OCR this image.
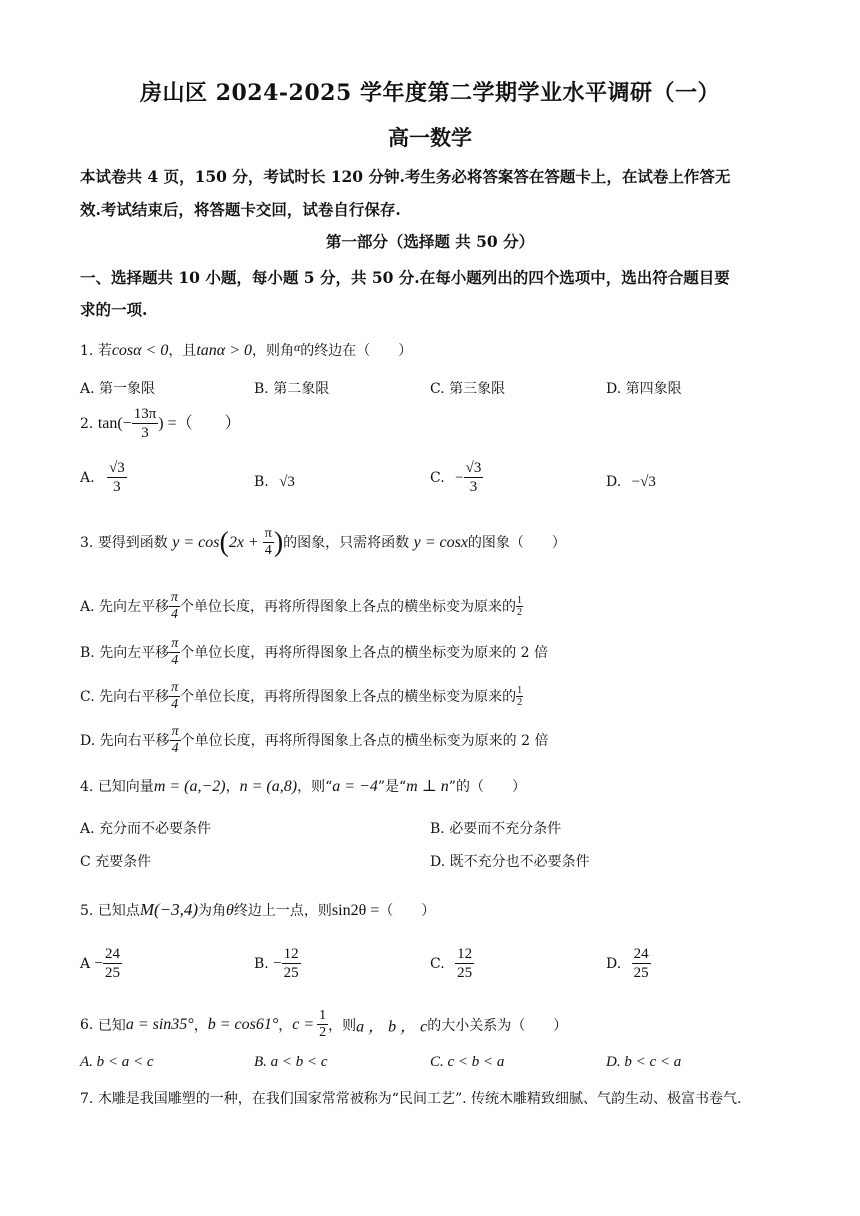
房山区 2024-2025 学年度第二学期学业水平调研（一）
高一数学
本试卷共 4 页，150 分，考试时长 120 分钟.考生务必将答案答在答题卡上，在试卷上作答无
效.考试结束后，将答题卡交回，试卷自行保存.
第一部分（选择题 共 50 分）
一、选择题共 10 小题，每小题 5 分，共 50 分.在每小题列出的四个选项中，选出符合题目要
求的一项.
1. 若cosα < 0，且tanα > 0，则角α的终边在（　　）
A. 第一象限	B. 第二象限	C. 第三象限	D. 第四象限
2. $\tan(- \frac{13\pi}{3}$ ) =（　　）
A. $\frac{√3}{3}$	B. √3	C. − $\frac{√3}{3}$	D. −√3
3. 要得到函数 $y = \cos(2x + \frac{\pi}{4}$ )的图象，只需将函数 y = cosx的图象（　　）
A. 先向左平移 $\frac{\pi}{4}$ 个单位长度，再将所得图象上各点的横坐标变为原来的 $\frac{1}{2}$
B. 先向左平移 $\frac{\pi}{4}$ 个单位长度，再将所得图象上各点的横坐标变为原来的 2 倍
C. 先向右平移 $\frac{\pi}{4}$ 个单位长度，再将所得图象上各点的横坐标变为原来的 $\frac{1}{2}$
D. 先向右平移 $\frac{\pi}{4}$ 个单位长度，再将所得图象上各点的横坐标变为原来的 2 倍
4. 已知向量m = (a,−2)，n = (a,8)，则“a = −4”是“m ⊥ n”的（　　）
A. 充分而不必要条件	B. 必要而不充分条件
C 充要条件	D. 既不充分也不必要条件
5. 已知点M(−3,4)为角θ终边上一点，则sin2θ =（　　）
$A - \frac{24}{25}$	B. − $\frac{12}{25}$	C. $\frac{12}{25}$	D. $\frac{24}{25}$
6. 已知a = sin35°，b = cos61°，$c = \frac{1}{2}$ ，则a ， b ， c的大小关系为（　　）
A. b < a < c	B. a < b < c	C. c < b < a	D. b < c < a
7. 木雕是我国雕塑的一种，在我们国家常常被称为“民间工艺”. 传统木雕精致细腻、气韵生动、极富书卷气.
